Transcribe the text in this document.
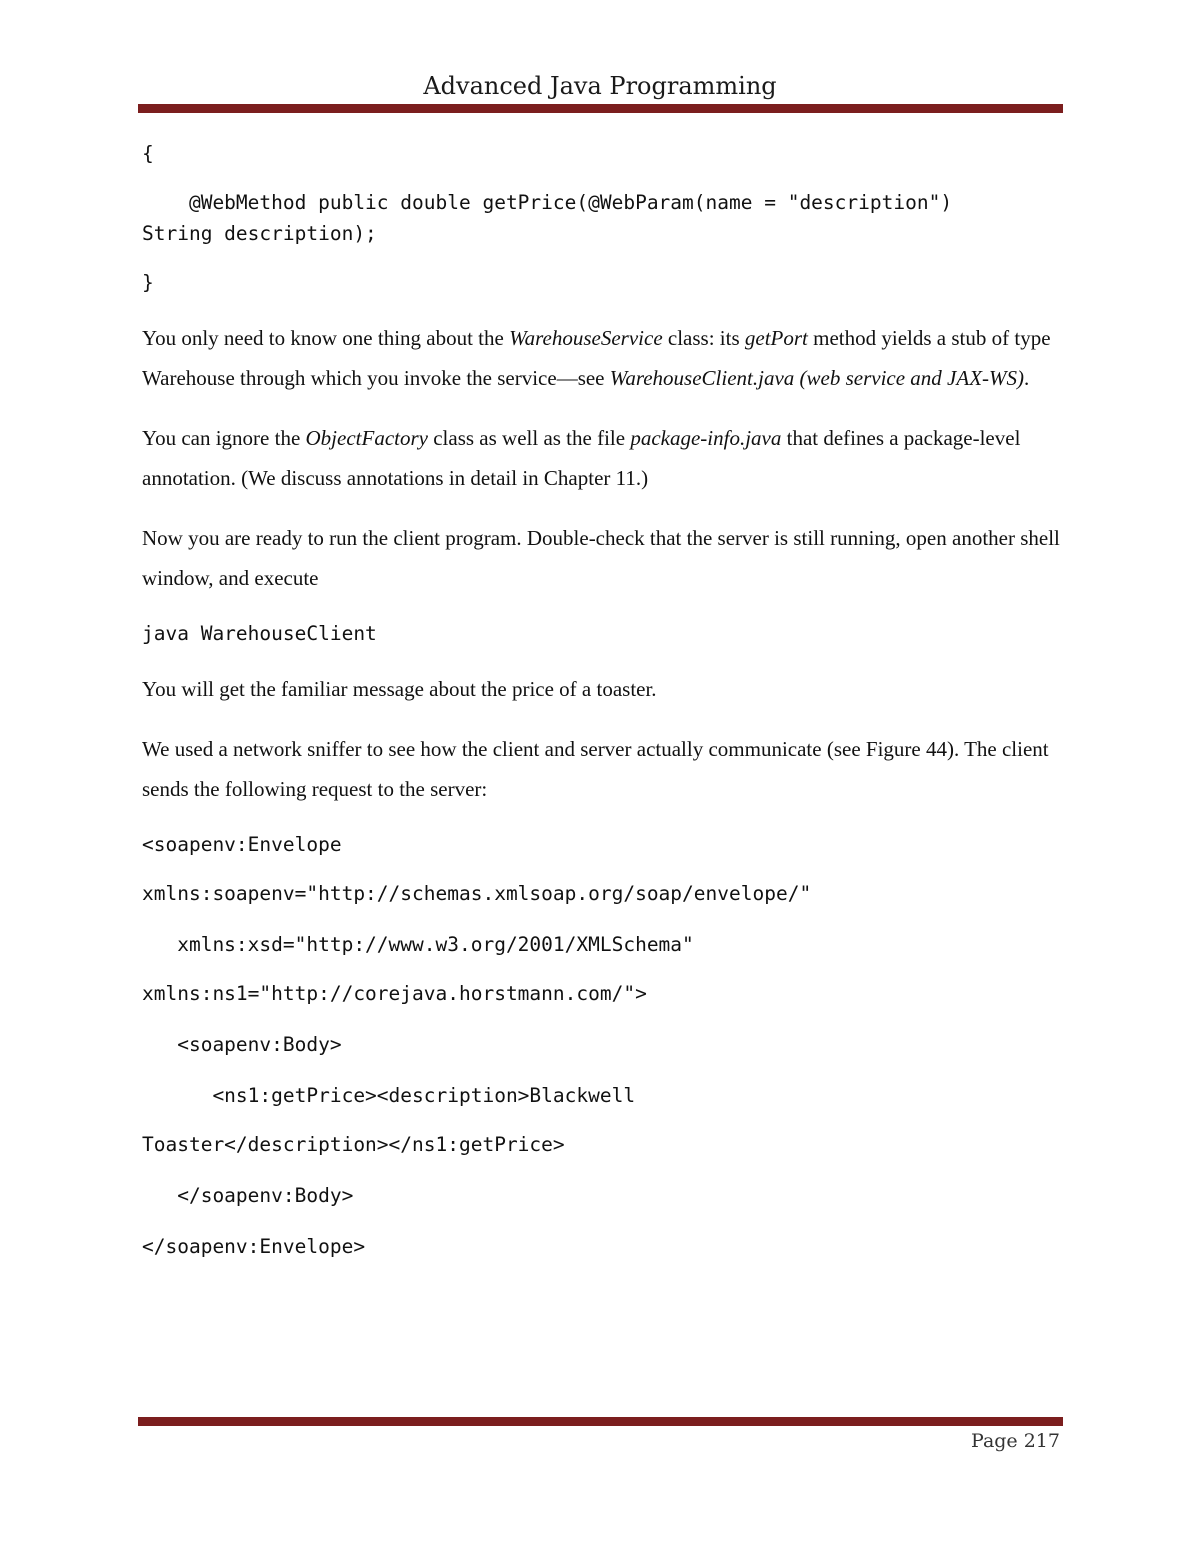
Advanced Java Programming
{
@WebMethod public double getPrice(@WebParam(name = "description")
String description);
}

You only need to know one thing about the WarehouseService class: its getPort method yields a stub of type Warehouse through which you invoke the service—see WarehouseClient.java (web service and JAX-WS).

You can ignore the ObjectFactory class as well as the file package-info.java that defines a package-level annotation. (We discuss annotations in detail in Chapter 11.)

Now you are ready to run the client program. Double-check that the server is still running, open another shell window, and execute

java WarehouseClient

You will get the familiar message about the price of a toaster.

We used a network sniffer to see how the client and server actually communicate (see Figure 44). The client sends the following request to the server:

<soapenv:Envelope
xmlns:soapenv="http://schemas.xmlsoap.org/soap/envelope/"
xmlns:xsd="http://www.w3.org/2001/XMLSchema"
xmlns:ns1="http://corejava.horstmann.com/">
<soapenv:Body>
<ns1:getPrice><description>Blackwell
Toaster</description></ns1:getPrice>
</soapenv:Body>
</soapenv:Envelope>
Page 217
